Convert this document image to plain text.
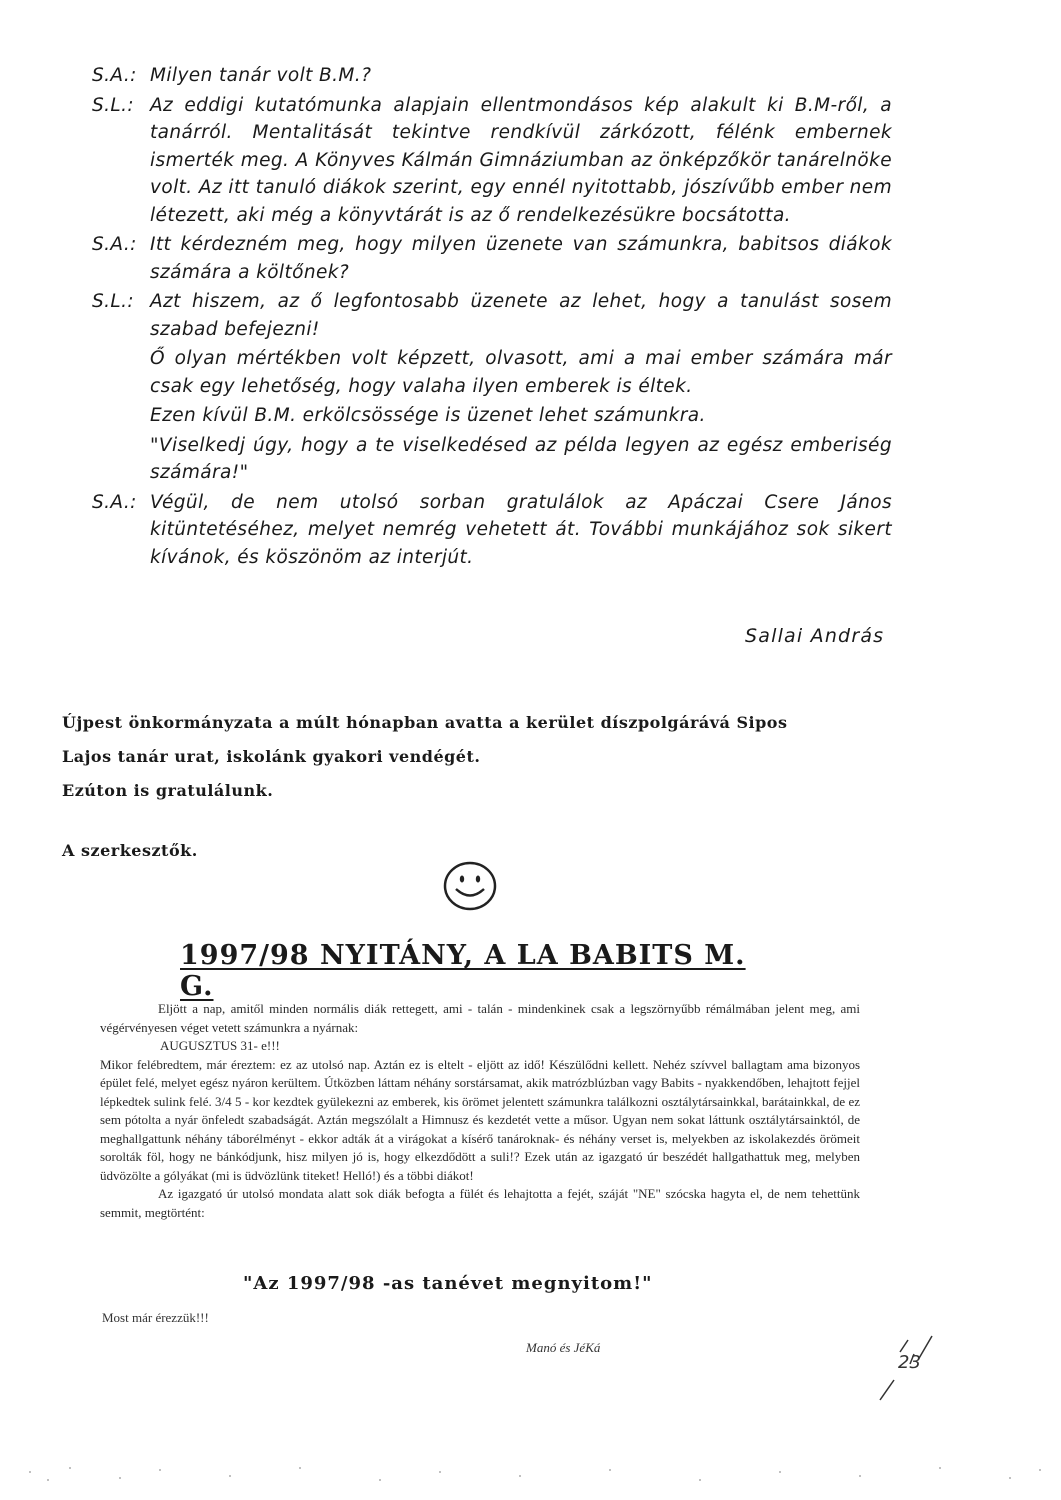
S.A.: Milyen tanár volt B.M.?

S.L.: Az eddigi kutatómunka alapjain ellentmondásos kép alakult ki B.M-ről, a tanárról. Mentalitását tekintve rendkívül zárkózott, félénk embernek ismerték meg. A Könyves Kálmán Gimnáziumban az önképzőkör tanárelnöke volt. Az itt tanuló diákok szerint, egy ennél nyitottabb, jószívűbb ember nem létezett, aki még a könyvtárát is az ő rendelkezésükre bocsátotta.

S.A.: Itt kérdezném meg, hogy milyen üzenete van számunkra, babitsos diákok számára a költőnek?

S.L.: Azt hiszem, az ő legfontosabb üzenete az lehet, hogy a tanulást sosem szabad befejezni!

Ő olyan mértékben volt képzett, olvasott, ami a mai ember számára már csak egy lehetőség, hogy valaha ilyen emberek is éltek.

Ezen kívül B.M. erkölcsössége is üzenet lehet számunkra.

"Viselkedj úgy, hogy a te viselkedésed az példa legyen az egész emberiség számára!"

S.A.: Végül, de nem utolsó sorban gratulálok az Apáczai Csere János kitüntetéséhez, melyet nemrég vehetett át. További munkájához sok sikert kívánok, és köszönöm az interjút.

Sallai András

Újpest önkormányzata a múlt hónapban avatta a kerület díszpolgárává Sipos

Lajos tanár urat, iskolánk gyakori vendégét.

Ezúton is gratulálunk.

A szerkesztők.

1997/98 NYITÁNY, A LA BABITS M. G.

Eljött a nap, amitől minden normális diák rettegett, ami - talán - mindenkinek csak a legszörnyűbb rémálmában jelent meg, ami végérvényesen véget vetett számunkra a nyárnak:

AUGUSZTUS 31- e!!!

Mikor felébredtem, már éreztem: ez az utolsó nap. Aztán ez is eltelt - eljött az idő! Készülődni kellett. Nehéz szívvel ballagtam ama bizonyos épület felé, melyet egész nyáron kerültem. Útközben láttam néhány sorstársamat, akik matrózblúzban vagy Babits - nyakkendőben, lehajtott fejjel lépkedtek sulink felé. 3/4 5 - kor kezdtek gyülekezni az emberek, kis örömet jelentett számunkra találkozni osztálytársainkkal, barátainkkal, de ez sem pótolta a nyár önfeledt szabadságát. Aztán megszólalt a Himnusz és kezdetét vette a műsor. Ugyan nem sokat láttunk osztálytársainktól, de meghallgattunk néhány táborélményt - ekkor adták át a virágokat a kísérő tanároknak- és néhány verset is, melyekben az iskolakezdés örömeit sorolták föl, hogy ne bánkódjunk, hisz milyen jó is, hogy elkezdődött a suli!? Ezek után az igazgató úr beszédét hallgathattuk meg, melyben üdvözölte a gólyákat (mi is üdvözlünk titeket! Helló!) és a többi diákot!

Az igazgató úr utolsó mondata alatt sok diák befogta a fülét és lehajtotta a fejét, száját "NE" szócska hagyta el, de nem tehettünk semmit, megtörtént:

"Az 1997/98 -as tanévet megnyitom!"
Most már érezzük!!!
Manó és JéKá
23
